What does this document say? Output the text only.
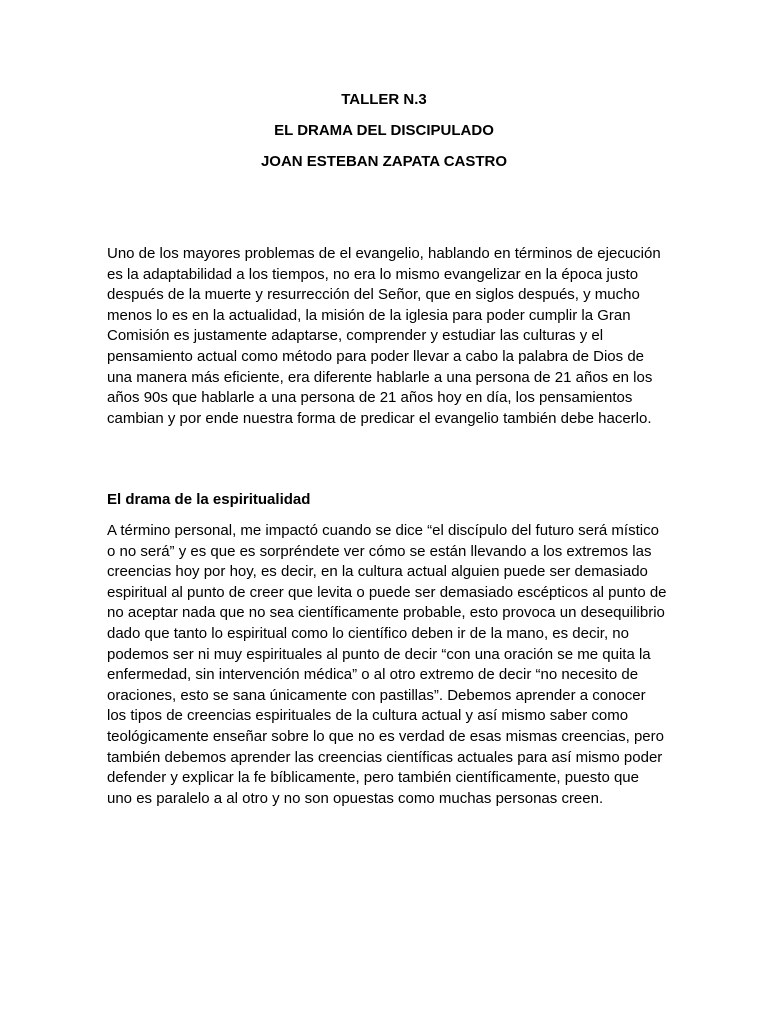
TALLER N.3
EL DRAMA DEL DISCIPULADO
JOAN ESTEBAN ZAPATA CASTRO

Uno de los mayores problemas de el evangelio, hablando en términos de ejecución es la adaptabilidad a los tiempos, no era lo mismo evangelizar en la época justo después de la muerte y resurrección del Señor, que en siglos después, y mucho menos lo es en la actualidad, la misión de la iglesia para poder cumplir la Gran Comisión es justamente adaptarse, comprender y estudiar las culturas y el pensamiento actual como método para poder llevar a cabo la palabra de Dios de una manera más eficiente, era diferente hablarle a una persona de 21 años en los años 90s que hablarle a una persona de 21 años hoy en día, los pensamientos cambian y por ende nuestra forma de predicar el evangelio también debe hacerlo.

El drama de la espiritualidad

A término personal, me impactó cuando se dice “el discípulo del futuro será místico o no será” y es que es sorpréndete ver cómo se están llevando a los extremos las creencias hoy por hoy, es decir, en la cultura actual alguien puede ser demasiado espiritual al punto de creer que levita o puede ser demasiado escépticos al punto de no aceptar nada que no sea científicamente probable, esto provoca un desequilibrio dado que tanto lo espiritual como lo científico deben ir de la mano, es decir, no podemos ser ni muy espirituales al punto de decir “con una oración se me quita la enfermedad, sin intervención médica” o al otro extremo de decir “no necesito de oraciones, esto se sana únicamente con pastillas”. Debemos aprender a conocer los tipos de creencias espirituales de la cultura actual y así mismo saber como teológicamente enseñar sobre lo que no es verdad de esas mismas creencias, pero también debemos aprender las creencias científicas actuales para así mismo poder defender y explicar la fe bíblicamente, pero también científicamente, puesto que uno es paralelo a al otro y no son opuestas como muchas personas creen.
